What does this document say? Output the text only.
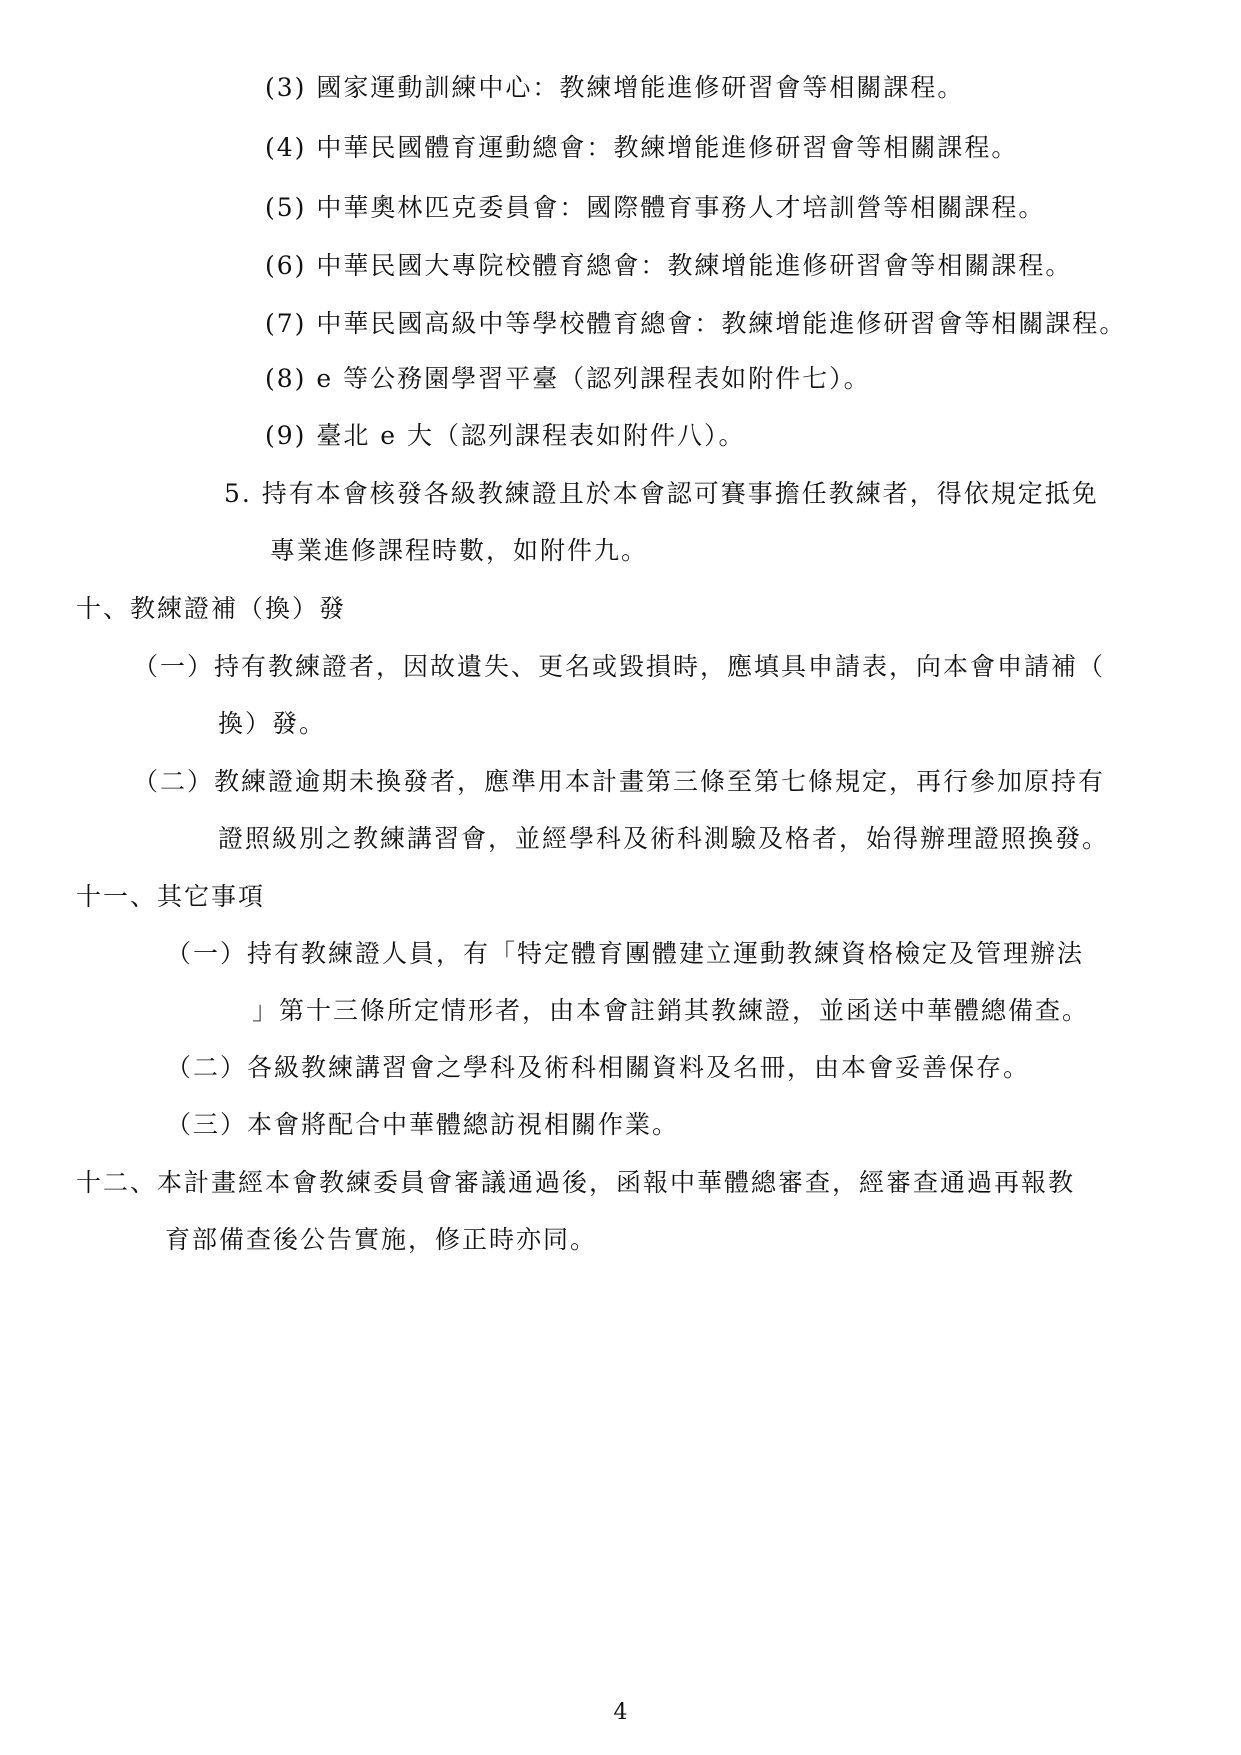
(3) 國家運動訓練中心：教練增能進修研習會等相關課程。
(4) 中華民國體育運動總會：教練增能進修研習會等相關課程。
(5) 中華奧林匹克委員會：國際體育事務人才培訓營等相關課程。
(6) 中華民國大專院校體育總會：教練增能進修研習會等相關課程。
(7) 中華民國高級中等學校體育總會：教練增能進修研習會等相關課程。
(8) e 等公務園學習平臺（認列課程表如附件七）。
(9) 臺北 e 大（認列課程表如附件八）。
5. 持有本會核發各級教練證且於本會認可賽事擔任教練者，得依規定抵免
專業進修課程時數，如附件九。
十、教練證補（換）發
（一）持有教練證者，因故遺失、更名或毀損時，應填具申請表，向本會申請補（
換）發。
（二）教練證逾期未換發者，應準用本計畫第三條至第七條規定，再行參加原持有
證照級別之教練講習會，並經學科及術科測驗及格者，始得辦理證照換發。
十一、其它事項
（一）持有教練證人員，有「特定體育團體建立運動教練資格檢定及管理辦法
」第十三條所定情形者，由本會註銷其教練證，並函送中華體總備查。
（二）各級教練講習會之學科及術科相關資料及名冊，由本會妥善保存。
（三）本會將配合中華體總訪視相關作業。
十二、本計畫經本會教練委員會審議通過後，函報中華體總審查，經審查通過再報教
育部備查後公告實施，修正時亦同。
4
